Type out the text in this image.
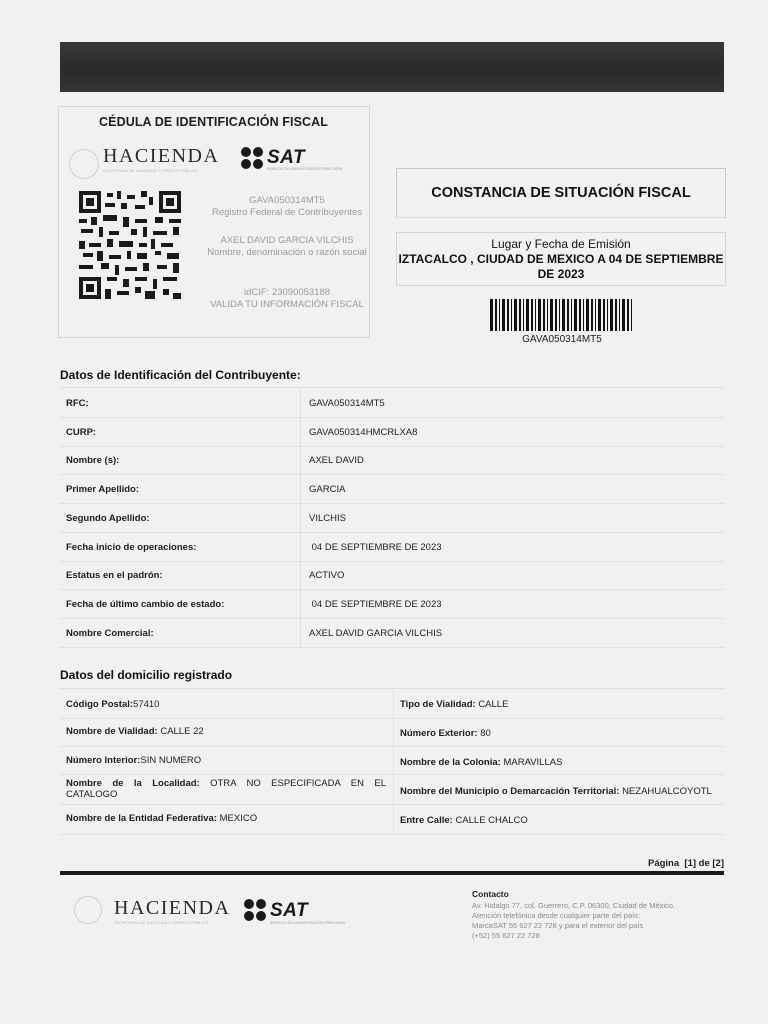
CÉDULA DE IDENTIFICACIÓN FISCAL
HACIENDA
SECRETARÍA DE HACIENDA Y CRÉDITO PÚBLICO
SAT
SERVICIO DE ADMINISTRACIÓN TRIBUTARIA
GAVA050314MT5
Registro Federal de Contribuyentes
AXEL DAVID GARCIA VILCHIS
Nombre, denominación o razón social
idCIF: 23090053188
VALIDA TU INFORMACIÓN FISCAL
CONSTANCIA DE SITUACIÓN FISCAL
Lugar y Fecha de Emisión
IZTACALCO , CIUDAD DE MEXICO A 04 DE SEPTIEMBRE DE 2023
GAVA050314MT5
Datos de Identificación del Contribuyente:
RFC:	GAVA050314MT5
CURP:	GAVA050314HMCRLXA8
Nombre (s):	AXEL DAVID
Primer Apellido:	GARCIA
Segundo Apellido:	VILCHIS
Fecha inicio de operaciones:	04 DE SEPTIEMBRE DE 2023
Estatus en el padrón:	ACTIVO
Fecha de último cambio de estado:	04 DE SEPTIEMBRE DE 2023
Nombre Comercial:	AXEL DAVID GARCIA VILCHIS
Datos del domicilio registrado
Código Postal:57410	Tipo de Vialidad: CALLE
Nombre de Vialidad: CALLE 22	Número Exterior: 80
Número Interior:SIN NUMERO	Nombre de la Colonia: MARAVILLAS
Nombre de la Localidad: OTRA NO ESPECIFICADA EN EL CATALOGO	Nombre del Municipio o Demarcación Territorial: NEZAHUALCOYOTL
Nombre de la Entidad Federativa: MEXICO	Entre Calle: CALLE CHALCO
Página  [1] de [2]
HACIENDA
SECRETARÍA DE HACIENDA Y CRÉDITO PÚBLICO
SAT
SERVICIO DE ADMINISTRACIÓN TRIBUTARIA
Contacto
Av. Hidalgo 77, col. Guerrero, C.P. 06300, Ciudad de México.
Atención telefónica desde cualquier parte del país:
MarcaSAT 55 627 22 728 y para el exterior del país
(+52) 55 627 22 728
